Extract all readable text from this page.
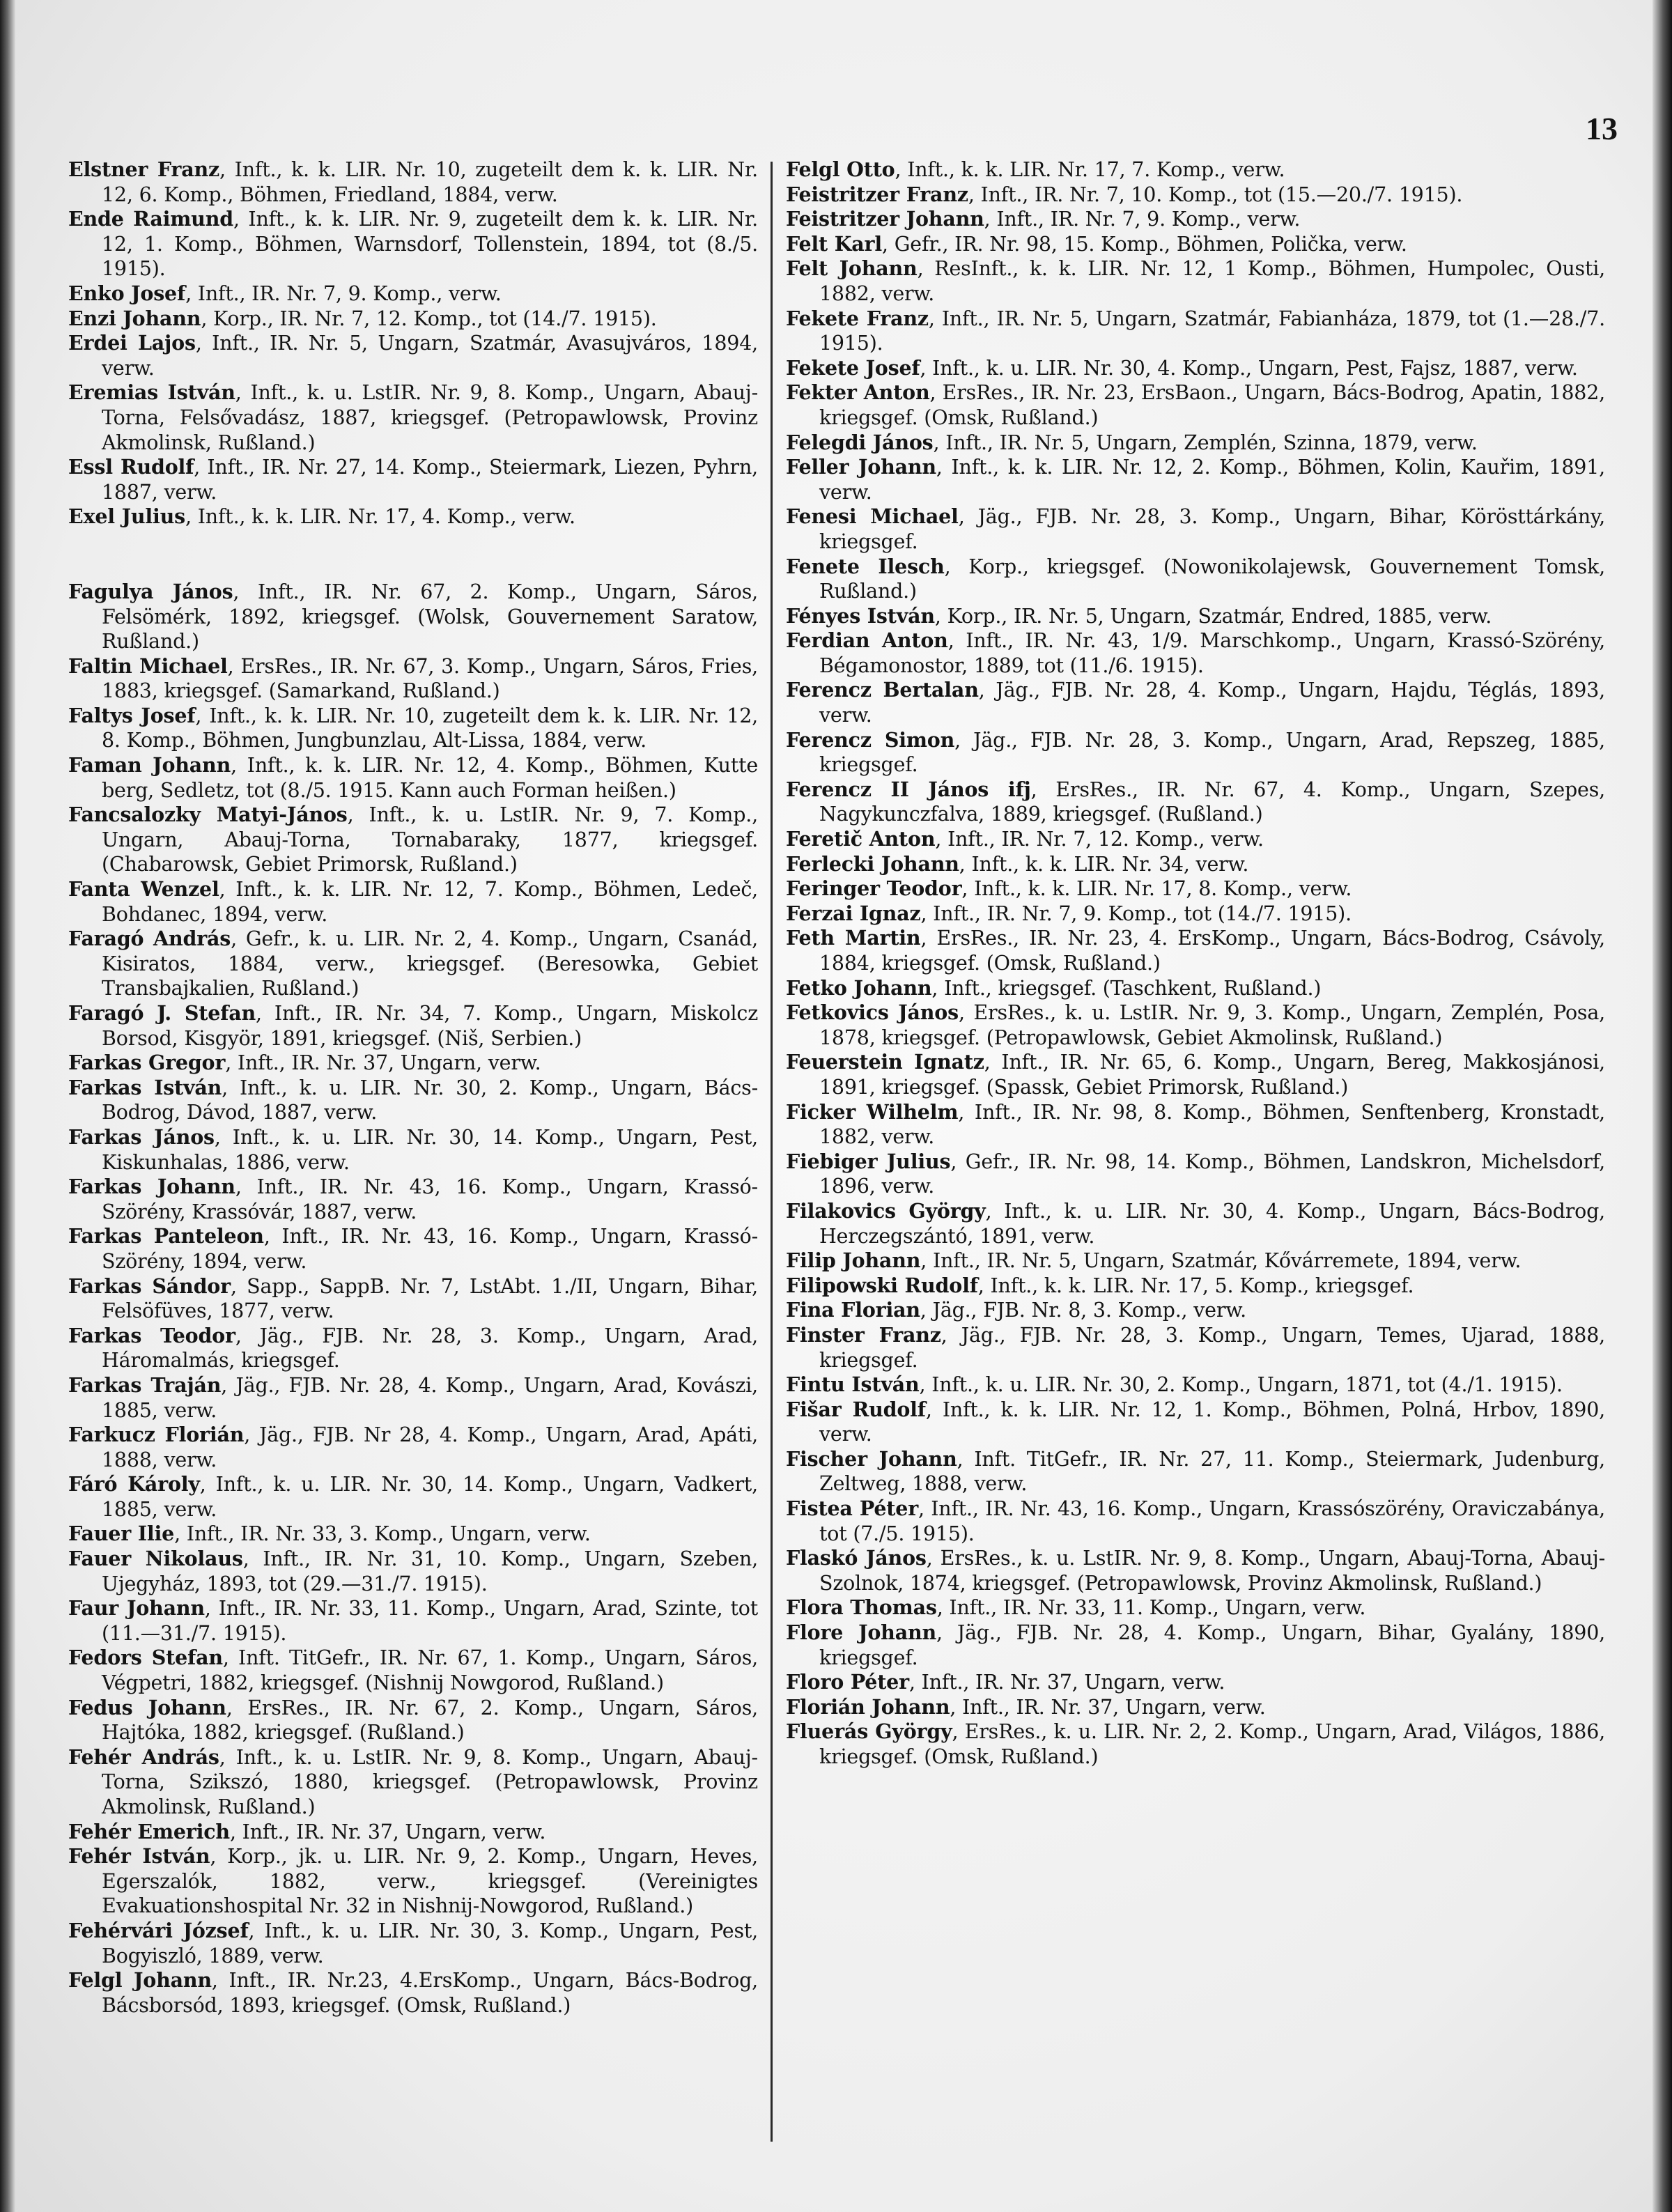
13

Elstner Franz, Inft., k. k. LIR. Nr. 10, zugeteilt dem k. k. LIR. Nr. 12, 6. Komp., Böhmen, Friedland, 1884, verw.

Ende Raimund, Inft., k. k. LIR. Nr. 9, zugeteilt dem k. k. LIR. Nr. 12, 1. Komp., Böhmen, Warnsdorf, Tollenstein, 1894, tot (8./5. 1915).

Enko Josef, Inft., IR. Nr. 7, 9. Komp., verw.

Enzi Johann, Korp., IR. Nr. 7, 12. Komp., tot (14./7. 1915).

Erdei Lajos, Inft., IR. Nr. 5, Ungarn, Szatmár, Avasujváros, 1894, verw.

Eremias István, Inft., k. u. LstIR. Nr. 9, 8. Komp., Ungarn, Abauj-Torna, Felsővadász, 1887, kriegsgef. (Petropawlowsk, Provinz Akmolinsk, Rußland.)

Essl Rudolf, Inft., IR. Nr. 27, 14. Komp., Steiermark, Liezen, Pyhrn, 1887, verw.

Exel Julius, Inft., k. k. LIR. Nr. 17, 4. Komp., verw.

Fagulya János, Inft., IR. Nr. 67, 2. Komp., Ungarn, Sáros, Felsömérk, 1892, kriegsgef. (Wolsk, Gouvernement Saratow, Rußland.)

Faltin Michael, ErsRes., IR. Nr. 67, 3. Komp., Ungarn, Sáros, Fries, 1883, kriegsgef. (Samarkand, Rußland.)

Faltys Josef, Inft., k. k. LIR. Nr. 10, zugeteilt dem k. k. LIR. Nr. 12, 8. Komp., Böhmen, Jungbunzlau, Alt-Lissa, 1884, verw.

Faman Johann, Inft., k. k. LIR. Nr. 12, 4. Komp., Böhmen, Kutte berg, Sedletz, tot (8./5. 1915. Kann auch Forman heißen.)

Fancsalozky Matyi-János, Inft., k. u. LstIR. Nr. 9, 7. Komp., Ungarn, Abauj-Torna, Tornabaraky, 1877, kriegsgef. (Chabarowsk, Gebiet Primorsk, Rußland.)

Fanta Wenzel, Inft., k. k. LIR. Nr. 12, 7. Komp., Böhmen, Ledeč, Bohdanec, 1894, verw.

Faragó András, Gefr., k. u. LIR. Nr. 2, 4. Komp., Ungarn, Csanád, Kisiratos, 1884, verw., kriegsgef. (Beresowka, Gebiet Transbajkalien, Rußland.)

Faragó J. Stefan, Inft., IR. Nr. 34, 7. Komp., Ungarn, Miskolcz Borsod, Kisgyör, 1891, kriegsgef. (Niš, Serbien.)

Farkas Gregor, Inft., IR. Nr. 37, Ungarn, verw.

Farkas István, Inft., k. u. LIR. Nr. 30, 2. Komp., Ungarn, Bács-Bodrog, Dávod, 1887, verw.

Farkas János, Inft., k. u. LIR. Nr. 30, 14. Komp., Ungarn, Pest, Kiskunhalas, 1886, verw.

Farkas Johann, Inft., IR. Nr. 43, 16. Komp., Ungarn, Krassó-Szörény, Krassóvár, 1887, verw.

Farkas Panteleon, Inft., IR. Nr. 43, 16. Komp., Ungarn, Krassó-Szörény, 1894, verw.

Farkas Sándor, Sapp., SappB. Nr. 7, LstAbt. 1./II, Ungarn, Bihar, Felsöfüves, 1877, verw.

Farkas Teodor, Jäg., FJB. Nr. 28, 3. Komp., Ungarn, Arad, Háromalmás, kriegsgef.

Farkas Traján, Jäg., FJB. Nr. 28, 4. Komp., Ungarn, Arad, Kovászi, 1885, verw.

Farkucz Florián, Jäg., FJB. Nr 28, 4. Komp., Ungarn, Arad, Apáti, 1888, verw.

Fáró Károly, Inft., k. u. LIR. Nr. 30, 14. Komp., Ungarn, Vadkert, 1885, verw.

Fauer Ilie, Inft., IR. Nr. 33, 3. Komp., Ungarn, verw.

Fauer Nikolaus, Inft., IR. Nr. 31, 10. Komp., Ungarn, Szeben, Ujegyház, 1893, tot (29.—31./7. 1915).

Faur Johann, Inft., IR. Nr. 33, 11. Komp., Ungarn, Arad, Szinte, tot (11.—31./7. 1915).

Fedors Stefan, Inft. TitGefr., IR. Nr. 67, 1. Komp., Ungarn, Sáros, Végpetri, 1882, kriegsgef. (Nishnij Nowgorod, Rußland.)

Fedus Johann, ErsRes., IR. Nr. 67, 2. Komp., Ungarn, Sáros, Hajtóka, 1882, kriegsgef. (Rußland.)

Fehér András, Inft., k. u. LstIR. Nr. 9, 8. Komp., Ungarn, Abauj-Torna, Szikszó, 1880, kriegsgef. (Petropawlowsk, Provinz Akmolinsk, Rußland.)

Fehér Emerich, Inft., IR. Nr. 37, Ungarn, verw.

Fehér István, Korp., jk. u. LIR. Nr. 9, 2. Komp., Ungarn, Heves, Egerszalók, 1882, verw., kriegsgef. (Vereinigtes Evakuationshospital Nr. 32 in Nishnij-Nowgorod, Rußland.)

Fehérvári József, Inft., k. u. LIR. Nr. 30, 3. Komp., Ungarn, Pest, Bogyiszló, 1889, verw.

Felgl Johann, Inft., IR. Nr.23, 4.ErsKomp., Ungarn, Bács-Bodrog, Bácsborsód, 1893, kriegsgef. (Omsk, Rußland.)

Felgl Otto, Inft., k. k. LIR. Nr. 17, 7. Komp., verw.

Feistritzer Franz, Inft., IR. Nr. 7, 10. Komp., tot (15.—20./7. 1915).

Feistritzer Johann, Inft., IR. Nr. 7, 9. Komp., verw.

Felt Karl, Gefr., IR. Nr. 98, 15. Komp., Böhmen, Polička, verw.

Felt Johann, ResInft., k. k. LIR. Nr. 12, 1 Komp., Böhmen, Humpolec, Ousti, 1882, verw.

Fekete Franz, Inft., IR. Nr. 5, Ungarn, Szatmár, Fabianháza, 1879, tot (1.—28./7. 1915).

Fekete Josef, Inft., k. u. LIR. Nr. 30, 4. Komp., Ungarn, Pest, Fajsz, 1887, verw.

Fekter Anton, ErsRes., IR. Nr. 23, ErsBaon., Ungarn, Bács-Bodrog, Apatin, 1882, kriegsgef. (Omsk, Rußland.)

Felegdi János, Inft., IR. Nr. 5, Ungarn, Zemplén, Szinna, 1879, verw.

Feller Johann, Inft., k. k. LIR. Nr. 12, 2. Komp., Böhmen, Kolin, Kauřim, 1891, verw.

Fenesi Michael, Jäg., FJB. Nr. 28, 3. Komp., Ungarn, Bihar, Körösttárkány, kriegsgef.

Fenete Ilesch, Korp., kriegsgef. (Nowonikolajewsk, Gouvernement Tomsk, Rußland.)

Fényes István, Korp., IR. Nr. 5, Ungarn, Szatmár, Endred, 1885, verw.

Ferdian Anton, Inft., IR. Nr. 43, 1/9. Marschkomp., Ungarn, Krassó-Szörény, Bégamonostor, 1889, tot (11./6. 1915).

Ferencz Bertalan, Jäg., FJB. Nr. 28, 4. Komp., Ungarn, Hajdu, Téglás, 1893, verw.

Ferencz Simon, Jäg., FJB. Nr. 28, 3. Komp., Ungarn, Arad, Repszeg, 1885, kriegsgef.

Ferencz II János ifj, ErsRes., IR. Nr. 67, 4. Komp., Ungarn, Szepes, Nagykunczfalva, 1889, kriegsgef. (Rußland.)

Feretič Anton, Inft., IR. Nr. 7, 12. Komp., verw.

Ferlecki Johann, Inft., k. k. LIR. Nr. 34, verw.

Feringer Teodor, Inft., k. k. LIR. Nr. 17, 8. Komp., verw.

Ferzai Ignaz, Inft., IR. Nr. 7, 9. Komp., tot (14./7. 1915).

Feth Martin, ErsRes., IR. Nr. 23, 4. ErsKomp., Ungarn, Bács-Bodrog, Csávoly, 1884, kriegsgef. (Omsk, Rußland.)

Fetko Johann, Inft., kriegsgef. (Taschkent, Rußland.)

Fetkovics János, ErsRes., k. u. LstIR. Nr. 9, 3. Komp., Ungarn, Zemplén, Posa, 1878, kriegsgef. (Petropawlowsk, Gebiet Akmolinsk, Rußland.)

Feuerstein Ignatz, Inft., IR. Nr. 65, 6. Komp., Ungarn, Bereg, Makkosjánosi, 1891, kriegsgef. (Spassk, Gebiet Primorsk, Rußland.)

Ficker Wilhelm, Inft., IR. Nr. 98, 8. Komp., Böhmen, Senftenberg, Kronstadt, 1882, verw.

Fiebiger Julius, Gefr., IR. Nr. 98, 14. Komp., Böhmen, Landskron, Michelsdorf, 1896, verw.

Filakovics György, Inft., k. u. LIR. Nr. 30, 4. Komp., Ungarn, Bács-Bodrog, Herczegszántó, 1891, verw.

Filip Johann, Inft., IR. Nr. 5, Ungarn, Szatmár, Kővárremete, 1894, verw.

Filipowski Rudolf, Inft., k. k. LIR. Nr. 17, 5. Komp., kriegsgef.

Fina Florian, Jäg., FJB. Nr. 8, 3. Komp., verw.

Finster Franz, Jäg., FJB. Nr. 28, 3. Komp., Ungarn, Temes, Ujarad, 1888, kriegsgef.

Fintu István, Inft., k. u. LIR. Nr. 30, 2. Komp., Ungarn, 1871, tot (4./1. 1915).

Fišar Rudolf, Inft., k. k. LIR. Nr. 12, 1. Komp., Böhmen, Polná, Hrbov, 1890, verw.

Fischer Johann, Inft. TitGefr., IR. Nr. 27, 11. Komp., Steiermark, Judenburg, Zeltweg, 1888, verw.

Fistea Péter, Inft., IR. Nr. 43, 16. Komp., Ungarn, Krassószörény, Oraviczabánya, tot (7./5. 1915).

Flaskó János, ErsRes., k. u. LstIR. Nr. 9, 8. Komp., Ungarn, Abauj-Torna, Abauj-Szolnok, 1874, kriegsgef. (Petropawlowsk, Provinz Akmolinsk, Rußland.)

Flora Thomas, Inft., IR. Nr. 33, 11. Komp., Ungarn, verw.

Flore Johann, Jäg., FJB. Nr. 28, 4. Komp., Ungarn, Bihar, Gyalány, 1890, kriegsgef.

Floro Péter, Inft., IR. Nr. 37, Ungarn, verw.

Florián Johann, Inft., IR. Nr. 37, Ungarn, verw.

Fluerás György, ErsRes., k. u. LIR. Nr. 2, 2. Komp., Ungarn, Arad, Világos, 1886, kriegsgef. (Omsk, Rußland.)
